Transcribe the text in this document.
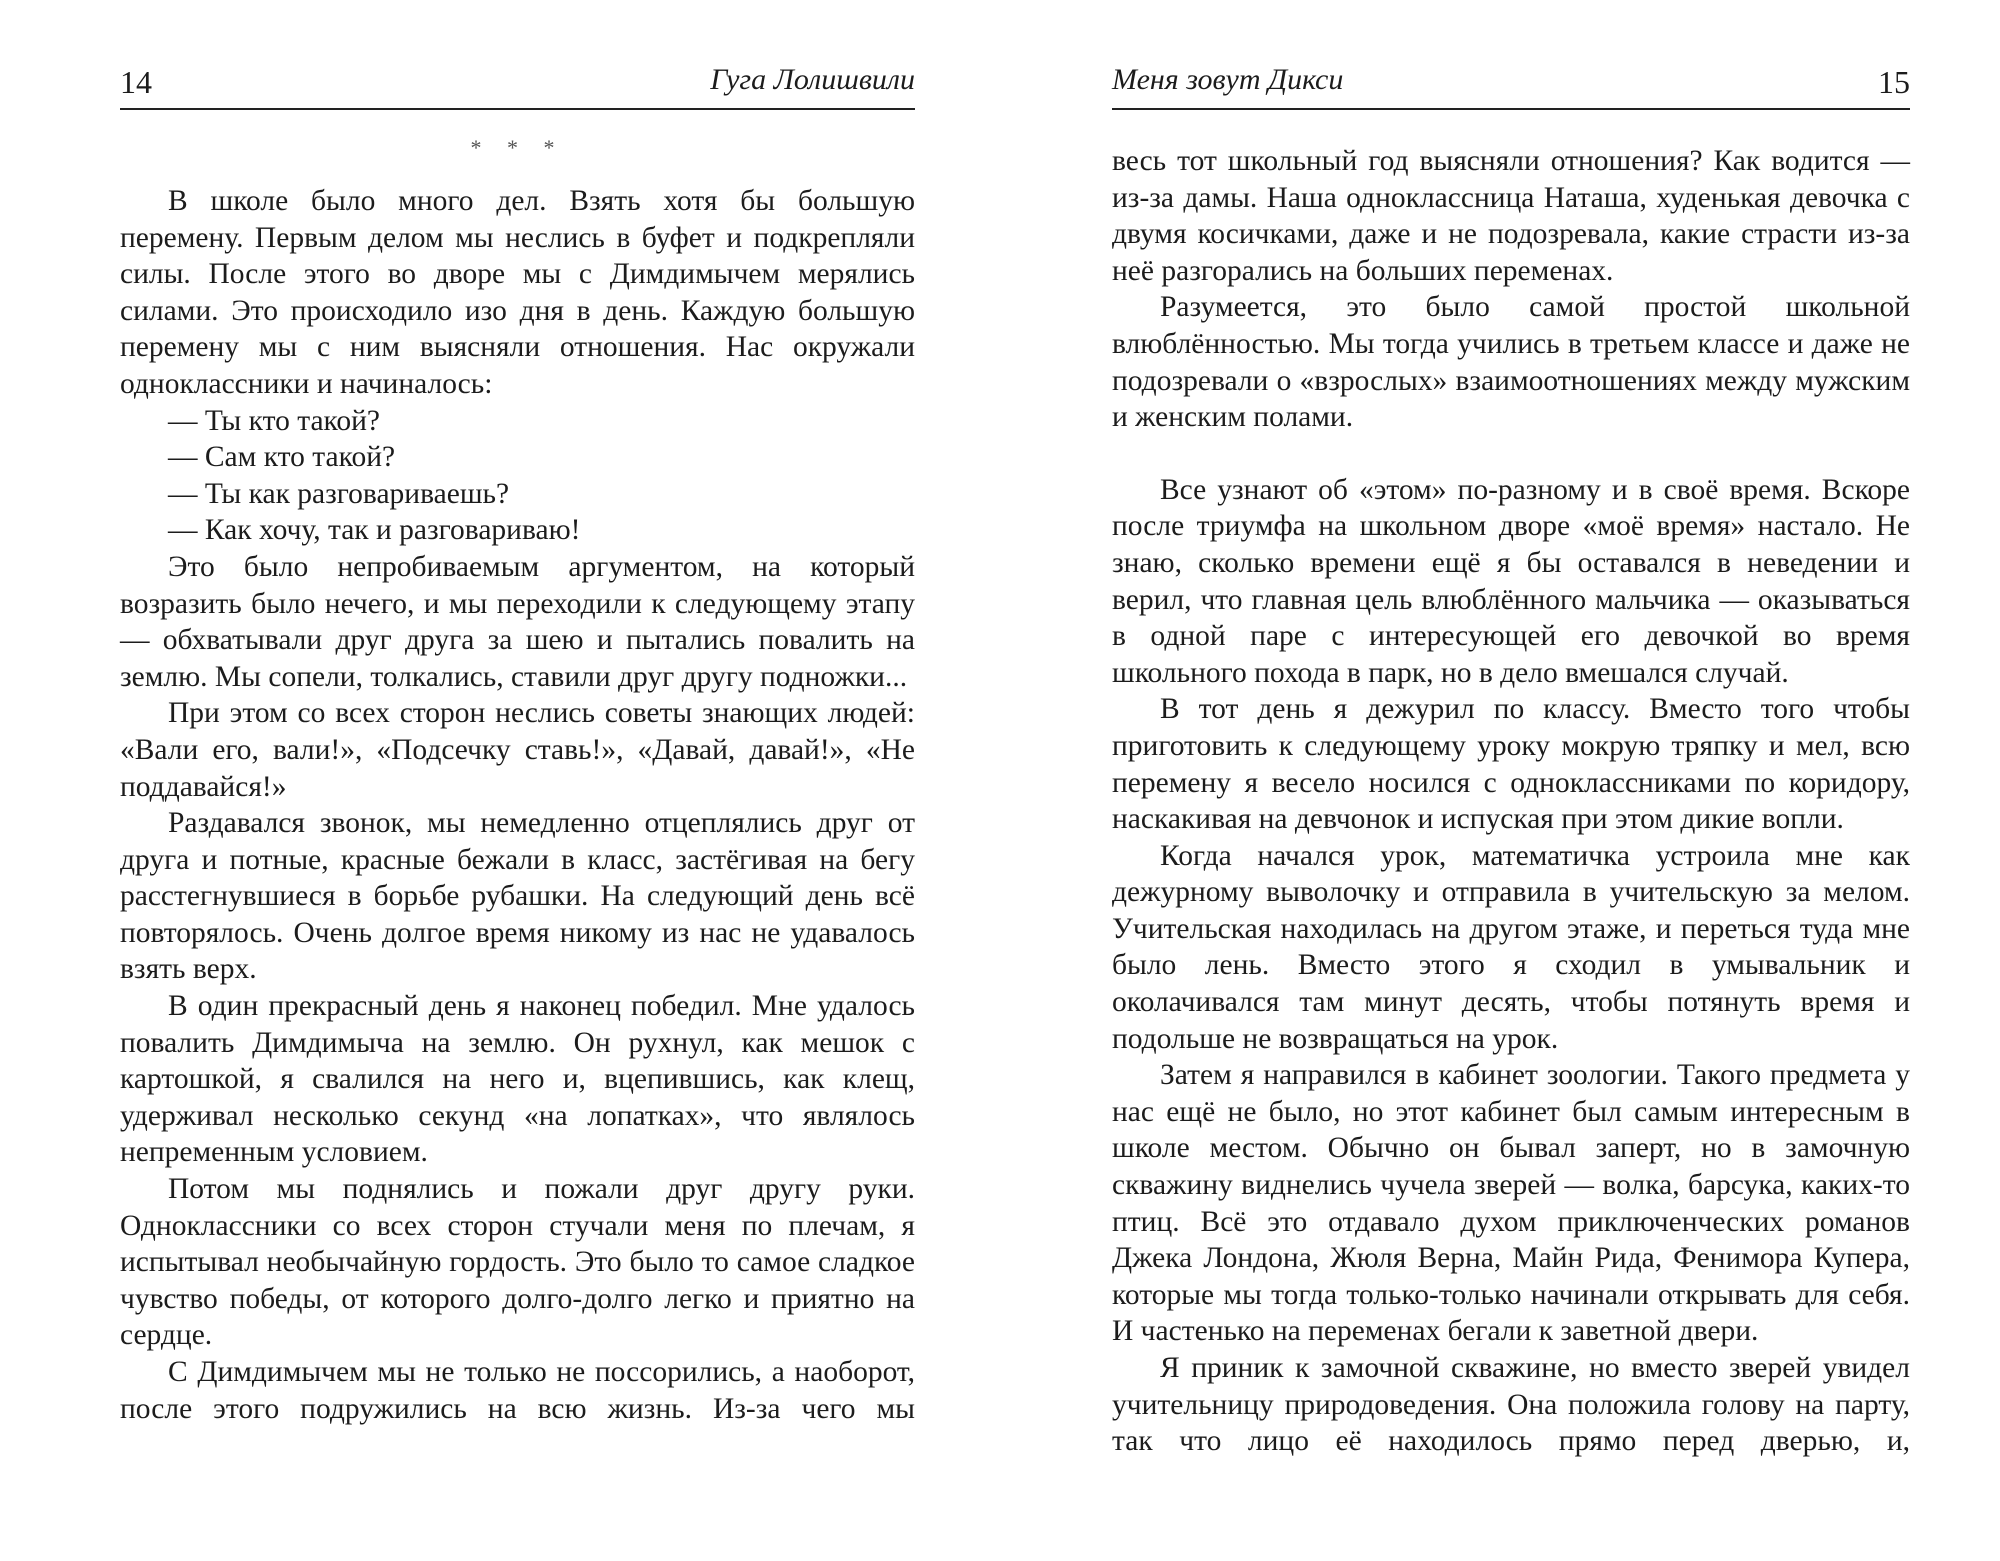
14	Гуга Лолишвили
* * *

В школе было много дел. Взять хотя бы большую перемену. Первым делом мы неслись в буфет и подкрепляли силы. После этого во дворе мы с Димдимычем мерялись силами. Это происходило изо дня в день. Каждую большую перемену мы с ним выясняли отношения. Нас окружали одноклассники и начиналось:

— Ты кто такой?

— Сам кто такой?

— Ты как разговариваешь?

— Как хочу, так и разговариваю!

Это было непробиваемым аргументом, на который возразить было нечего, и мы переходили к следующему этапу — обхватывали друг друга за шею и пытались повалить на землю. Мы сопели, толкались, ставили друг другу подножки...

При этом со всех сторон неслись советы знающих людей: «Вали его, вали!», «Подсечку ставь!», «Давай, давай!», «Не поддавайся!»

Раздавался звонок, мы немедленно отцеплялись друг от друга и потные, красные бежали в класс, застёгивая на бегу расстегнувшиеся в борьбе рубашки. На следующий день всё повторялось. Очень долгое время никому из нас не удавалось взять верх.

В один прекрасный день я наконец победил. Мне удалось повалить Димдимыча на землю. Он рухнул, как мешок с картошкой, я свалился на него и, вцепившись, как клещ, удерживал несколько секунд «на лопатках», что являлось непременным условием.

Потом мы поднялись и пожали друг другу руки. Одноклассники со всех сторон стучали меня по плечам, я испытывал необычайную гордость. Это было то самое сладкое чувство победы, от которого долго-долго легко и приятно на сердце.

С Димдимычем мы не только не поссорились, а наоборот, после этого подружились на всю жизнь. Из-за чего мы

Меня зовут Дикси	15

весь тот школьный год выясняли отношения? Как водится — из-за дамы. Наша одноклассница Наташа, худенькая девочка с двумя косичками, даже и не подозревала, какие страсти из-за неё разгорались на больших переменах.

Разумеется, это было самой простой школьной влюблённостью. Мы тогда учились в третьем классе и даже не подозревали о «взрослых» взаимоотношениях между мужским и женским полами.

Все узнают об «этом» по-разному и в своё время. Вскоре после триумфа на школьном дворе «моё время» настало. Не знаю, сколько времени ещё я бы оставался в неведении и верил, что главная цель влюблённого мальчика — оказываться в одной паре с интересующей его девочкой во время школьного похода в парк, но в дело вмешался случай.

В тот день я дежурил по классу. Вместо того чтобы приготовить к следующему уроку мокрую тряпку и мел, всю перемену я весело носился с одноклассниками по коридору, наскакивая на девчонок и испуская при этом дикие вопли.

Когда начался урок, математичка устроила мне как дежурному выволочку и отправила в учительскую за мелом. Учительская находилась на другом этаже, и переться туда мне было лень. Вместо этого я сходил в умывальник и околачивался там минут десять, чтобы потянуть время и подольше не возвращаться на урок.

Затем я направился в кабинет зоологии. Такого предмета у нас ещё не было, но этот кабинет был самым интересным в школе местом. Обычно он бывал заперт, но в замочную скважину виднелись чучела зверей — волка, барсука, каких-то птиц. Всё это отдавало духом приключенческих романов Джека Лондона, Жюля Верна, Майн Рида, Фенимора Купера, которые мы тогда только-только начинали открывать для себя. И частенько на переменах бегали к заветной двери.

Я приник к замочной скважине, но вместо зверей увидел учительницу природоведения. Она положила голову на парту, так что лицо её находилось прямо перед дверью, и,
